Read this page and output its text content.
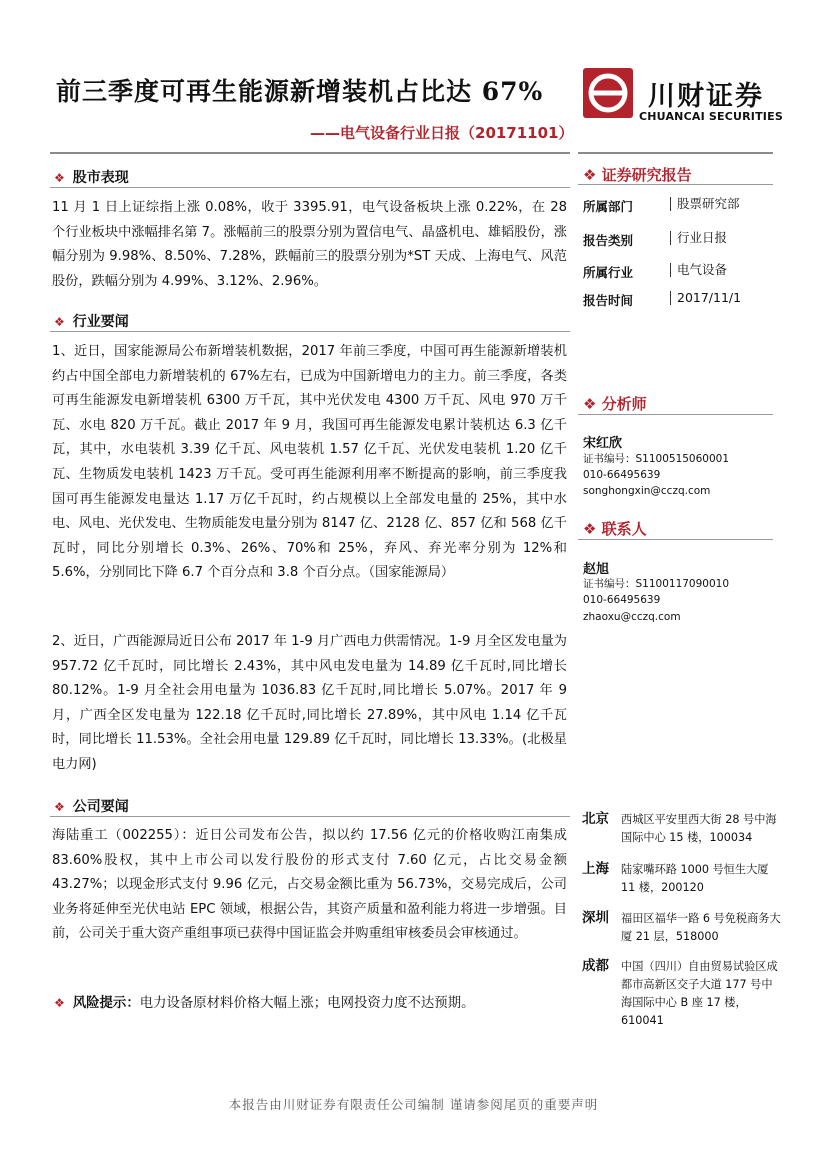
前三季度可再生能源新增装机占比达 67%
——电气设备行业日报（20171101）
川财证券
CHUANCAI SECURITIES
❖ 股市表现

11 月 1 日上证综指上涨 0.08%，收于 3395.91，电气设备板块上涨 0.22%，在 28 个行业板块中涨幅排名第 7。涨幅前三的股票分别为置信电气、晶盛机电、雄韬股份，涨幅分别为 9.98%、8.50%、7.28%，跌幅前三的股票分别为*ST 天成、上海电气、风范股份，跌幅分别为 4.99%、3.12%、2.96%。

❖ 行业要闻

1、近日，国家能源局公布新增装机数据，2017 年前三季度，中国可再生能源新增装机约占中国全部电力新增装机的 67%左右，已成为中国新增电力的主力。前三季度，各类可再生能源发电新增装机 6300 万千瓦，其中光伏发电 4300 万千瓦、风电 970 万千瓦、水电 820 万千瓦。截止 2017 年 9 月，我国可再生能源发电累计装机达 6.3 亿千瓦，其中，水电装机 3.39 亿千瓦、风电装机 1.57 亿千瓦、光伏发电装机 1.20 亿千瓦、生物质发电装机 1423 万千瓦。受可再生能源利用率不断提高的影响，前三季度我国可再生能源发电量达 1.17 万亿千瓦时，约占规模以上全部发电量的 25%，其中水电、风电、光伏发电、生物质能发电量分别为 8147 亿、2128 亿、857 亿和 568 亿千瓦时，同比分别增长 0.3%、26%、70%和 25%，弃风、弃光率分别为 12%和 5.6%，分别同比下降 6.7 个百分点和 3.8 个百分点。（国家能源局）

2、近日，广西能源局近日公布 2017 年 1-9 月广西电力供需情况。1-9 月全区发电量为 957.72 亿千瓦时，同比增长 2.43%，其中风电发电量为 14.89 亿千瓦时,同比增长 80.12%。1-9 月全社会用电量为 1036.83 亿千瓦时,同比增长 5.07%。2017 年 9 月，广西全区发电量为 122.18 亿千瓦时,同比增长 27.89%，其中风电 1.14 亿千瓦时，同比增长 11.53%。全社会用电量 129.89 亿千瓦时，同比增长 13.33%。(北极星电力网)

❖ 公司要闻

海陆重工（002255）：近日公司发布公告，拟以约 17.56 亿元的价格收购江南集成 83.60%股权，其中上市公司以发行股份的形式支付 7.60 亿元，占比交易金额 43.27%；以现金形式支付 9.96 亿元，占交易金额比重为 56.73%，交易完成后，公司业务将延伸至光伏电站 EPC 领域，根据公告，其资产质量和盈利能力将进一步增强。目前，公司关于重大资产重组事项已获得中国证监会并购重组审核委员会审核通过。

❖ 风险提示：电力设备原材料价格大幅上涨；电网投资力度不达预期。
❖ 证券研究报告
所属部门	股票研究部
报告类别	行业日报
所属行业	电气设备
报告时间	2017/11/1
❖ 分析师
宋红欣
证书编号：S1100515060001
010-66495639
songhongxin@cczq.com
❖ 联系人
赵旭
证书编号：S1100117090010
010-66495639
zhaoxu@cczq.com
北京 西城区平安里西大街 28 号中海国际中心 15 楼，100034
上海 陆家嘴环路 1000 号恒生大厦 11 楼，200120
深圳 福田区福华一路 6 号免税商务大厦 21 层，518000
成都 中国（四川）自由贸易试验区成都市高新区交子大道 177 号中海国际中心 B 座 17 楼，610041
本报告由川财证券有限责任公司编制 谨请参阅尾页的重要声明
